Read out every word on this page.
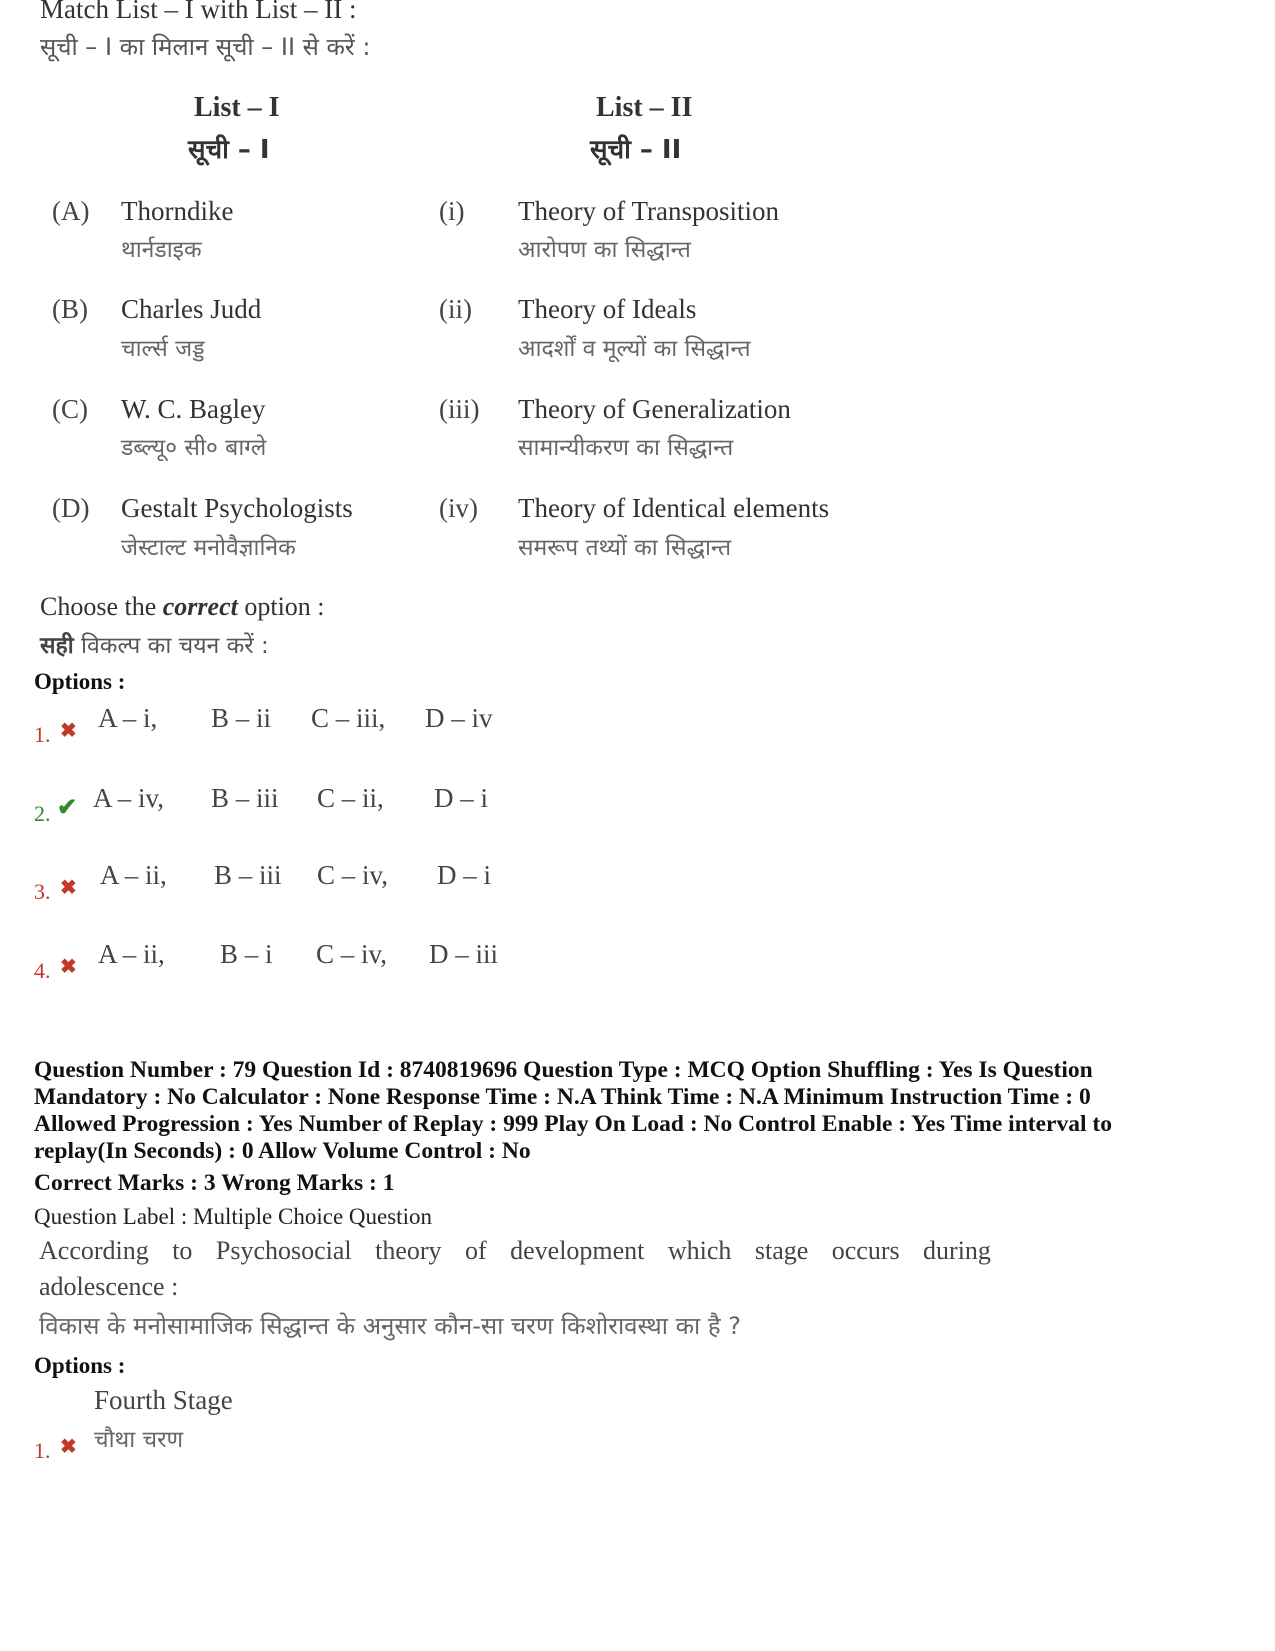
Match List – I with List – II :
सूची – I का मिलान सूची – II से करें :
List – I
सूची – I
List – II
सूची – II
(A) Thorndike
थार्नडाइक
(i) Theory of Transposition
आरोपण का सिद्धान्त
(B) Charles Judd
चार्ल्स जड्ड
(ii) Theory of Ideals
आदर्शों व मूल्यों का सिद्धान्त
(C) W. C. Bagley
डब्ल्यू० सी० बाग्ले
(iii) Theory of Generalization
सामान्यीकरण का सिद्धान्त
(D) Gestalt Psychologists
जेस्टाल्ट मनोवैज्ञानिक
(iv) Theory of Identical elements
समरूप तथ्यों का सिद्धान्त
Choose the correct option :
सही विकल्प का चयन करें :
Options :
1. ✖ A – i, B – ii C – iii, D – iv
2. ✔ A – iv, B – iii C – ii, D – i
3. ✖ A – ii, B – iii C – iv, D – i
4. ✖ A – ii, B – i C – iv, D – iii
Question Number : 79 Question Id : 8740819696 Question Type : MCQ Option Shuffling : Yes Is Question
Mandatory : No Calculator : None Response Time : N.A Think Time : N.A Minimum Instruction Time : 0
Allowed Progression : Yes Number of Replay : 999 Play On Load : No Control Enable : Yes Time interval to
replay(In Seconds) : 0 Allow Volume Control : No
Correct Marks : 3 Wrong Marks : 1
Question Label : Multiple Choice Question
According to Psychosocial theory of development which stage occurs during
adolescence :
विकास के मनोसामाजिक सिद्धान्त के अनुसार कौन-सा चरण किशोरावस्था का है ?
Options :
Fourth Stage
चौथा चरण
1. ✖
